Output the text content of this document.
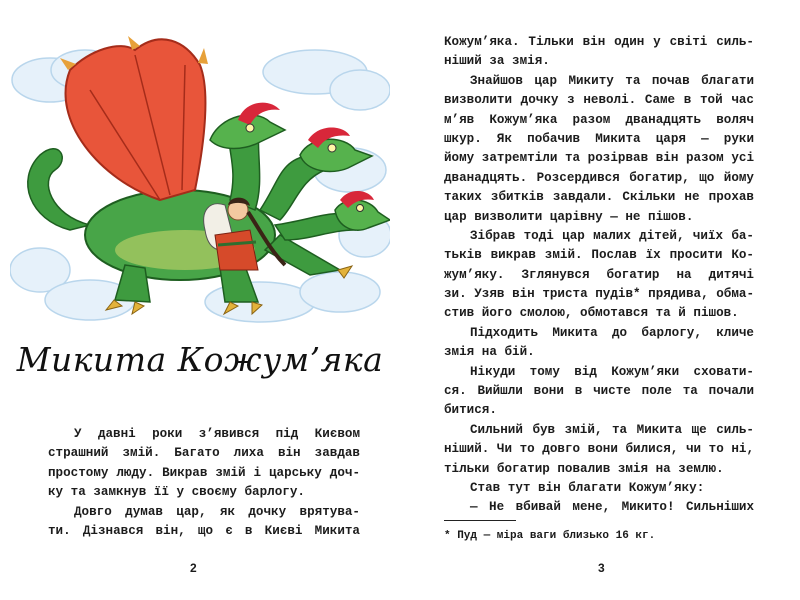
Микита Кожум’яка
У давні роки з’явився під Києвом
страшний змій. Багато лиха він завдав
простому люду. Викрав змій і царську доч-
ку та замкнув її у своєму барлогу.
Довго думав цар, як дочку врятува-
ти. Дізнався він, що є в Києві Микита
2
Кожум’яка. Тільки він один у світі силь-
ніший за змія.
Знайшов цар Микиту та почав благати
визволити дочку з неволі. Саме в той час
м’яв Кожум’яка разом дванадцять воляч
шкур. Як побачив Микита царя — руки
йому затремтіли та розірвав він разом усі
дванадцять. Розсердився богатир, що йому
таких збитків завдали. Скільки не прохав
цар визволити царівну — не пішов.
Зібрав тоді цар малих дітей, чиїх ба-
тьків викрав змій. Послав їх просити Ко-
жум’яку. Зглянувся богатир на дитячі
зи. Узяв він триста пудів* прядива, обма-
стив його смолою, обмотався та й пішов.
Підходить Микита до барлогу, кличе
змія на бій.
Нікуди тому від Кожум’яки сховати-
ся. Вийшли вони в чисте поле та почали
битися.
Сильний був змій, та Микита ще силь-
ніший. Чи то довго вони билися, чи то ні,
тільки богатир повалив змія на землю.
Став тут він благати Кожум’яку:
— Не вбивай мене, Микито! Сильніших
* Пуд — міра ваги близько 16 кг.
3
